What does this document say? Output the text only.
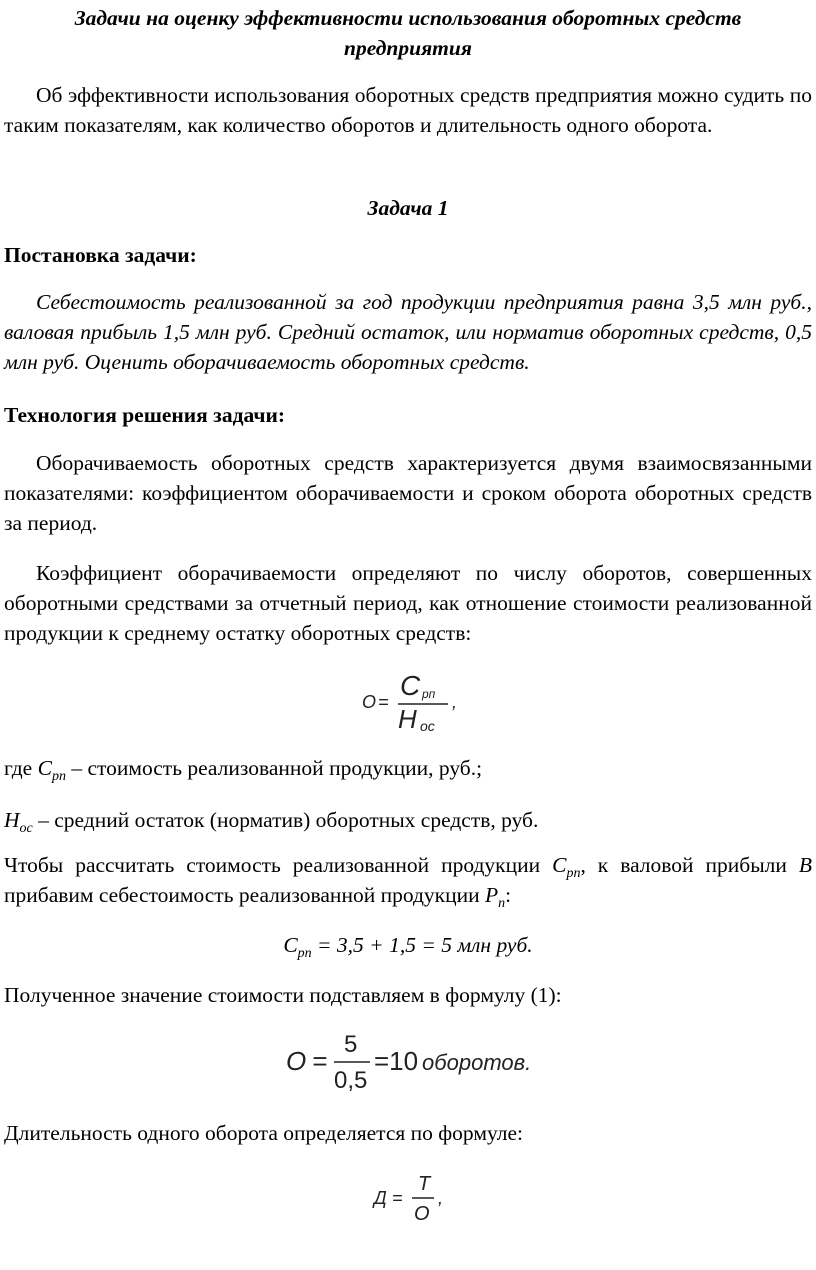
Задачи на оценку эффективности использования оборотных средств
предприятия

Об эффективности использования оборотных средств предприятия можно судить по таким показателям, как количество оборотов и длительность одного оборота.

Задача 1
Постановка задачи:

Себестоимость реализованной за год продукции предприятия равна 3,5 млн руб., валовая прибыль 1,5 млн руб. Средний остаток, или норматив оборотных средств, 0,5 млн руб. Оценить оборачиваемость оборотных средств.

Технология решения задачи:

Оборачиваемость оборотных средств характеризуется двумя взаимосвязанными показателями: коэффициентом оборачиваемости и сроком оборота оборотных средств за период.

Коэффициент оборачиваемости определяют по числу оборотов, совершенных оборотными средствами за отчетный период, как отношение стоимости реализованной продукции к среднему остатку оборотных средств:

О =
С рп
Н ос
,
где $С_{рп}$ – стоимость реализованной продукции, руб.;
$Н_{ос}$ – средний остаток (норматив) оборотных средств, руб.

Чтобы рассчитать стоимость реализованной продукции $С_{рп}$, к валовой прибыли В прибавим себестоимость реализованной продукции $Р_п$:

$С_{рп} = 3,5 + 1,5 = 5$ млн руб.
Полученное значение стоимости подставляем в формулу (1):
О =
5
0,5
=10 оборотов.
Длительность одного оборота определяется по формуле:
Д =
Т
О
,
